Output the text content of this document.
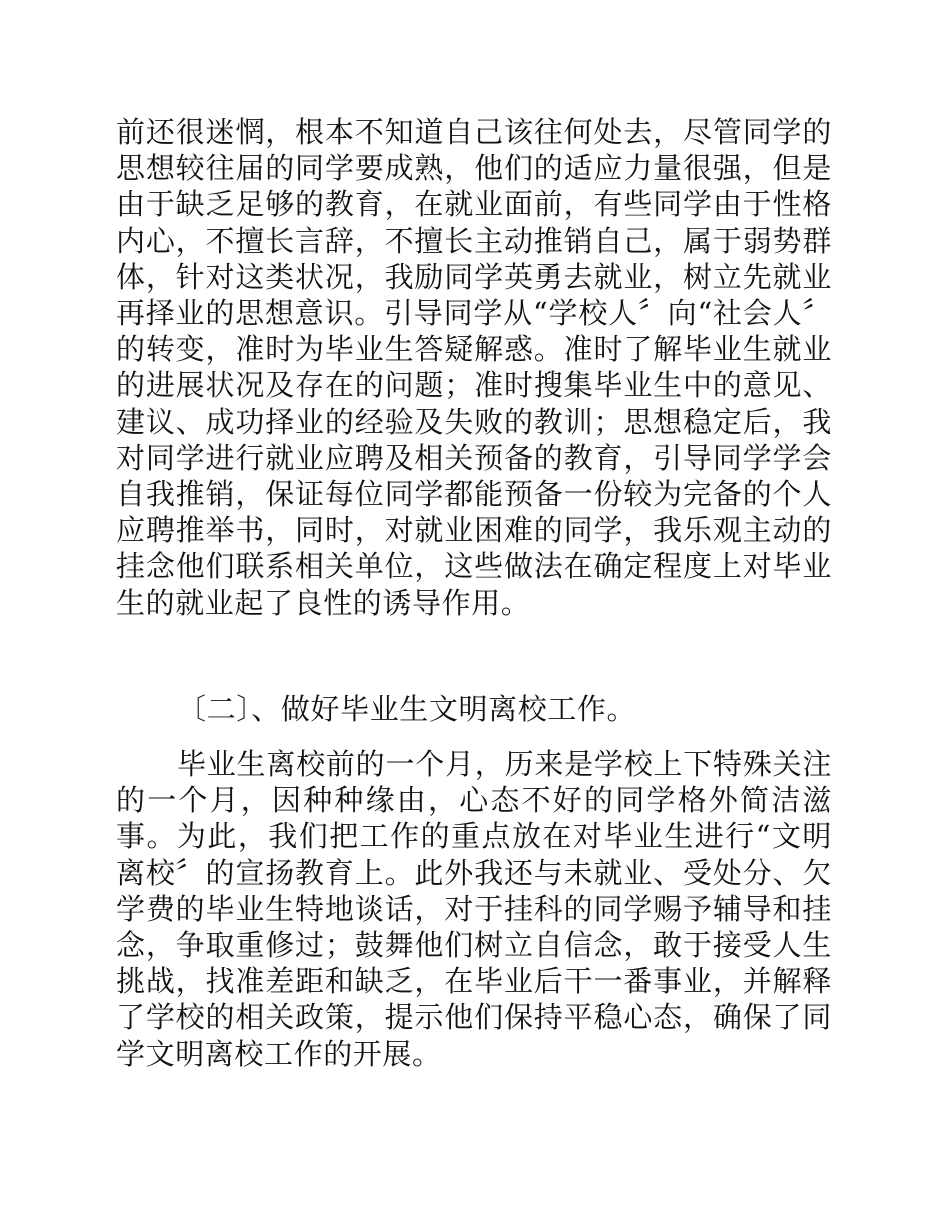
前还很迷惘，根本不知道自己该往何处去，尽管同学的思想较往届的同学要成熟，他们的适应力量很强，但是由于缺乏足够的教育，在就业面前，有些同学由于性格内心，不擅长言辞，不擅长主动推销自己，属于弱势群体，针对这类状况，我励同学英勇去就业，树立先就业再择业的思想意识。引导同学从“学校人〞向“社会人〞的转变，准时为毕业生答疑解惑。准时了解毕业生就业的进展状况及存在的问题；准时搜集毕业生中的意见、建议、成功择业的经验及失败的教训；思想稳定后，我对同学进行就业应聘及相关预备的教育，引导同学学会自我推销，保证每位同学都能预备一份较为完备的个人应聘推举书，同时，对就业困难的同学，我乐观主动的挂念他们联系相关单位，这些做法在确定程度上对毕业生的就业起了良性的诱导作用。

〔二〕、做好毕业生文明离校工作。

毕业生离校前的一个月，历来是学校上下特殊关注的一个月，因种种缘由，心态不好的同学格外简洁滋事。为此，我们把工作的重点放在对毕业生进行“文明离校〞的宣扬教育上。此外我还与未就业、受处分、欠学费的毕业生特地谈话，对于挂科的同学赐予辅导和挂念，争取重修过；鼓舞他们树立自信念，敢于接受人生挑战，找准差距和缺乏，在毕业后干一番事业，并解释了学校的相关政策，提示他们保持平稳心态，确保了同学文明离校工作的开展。
